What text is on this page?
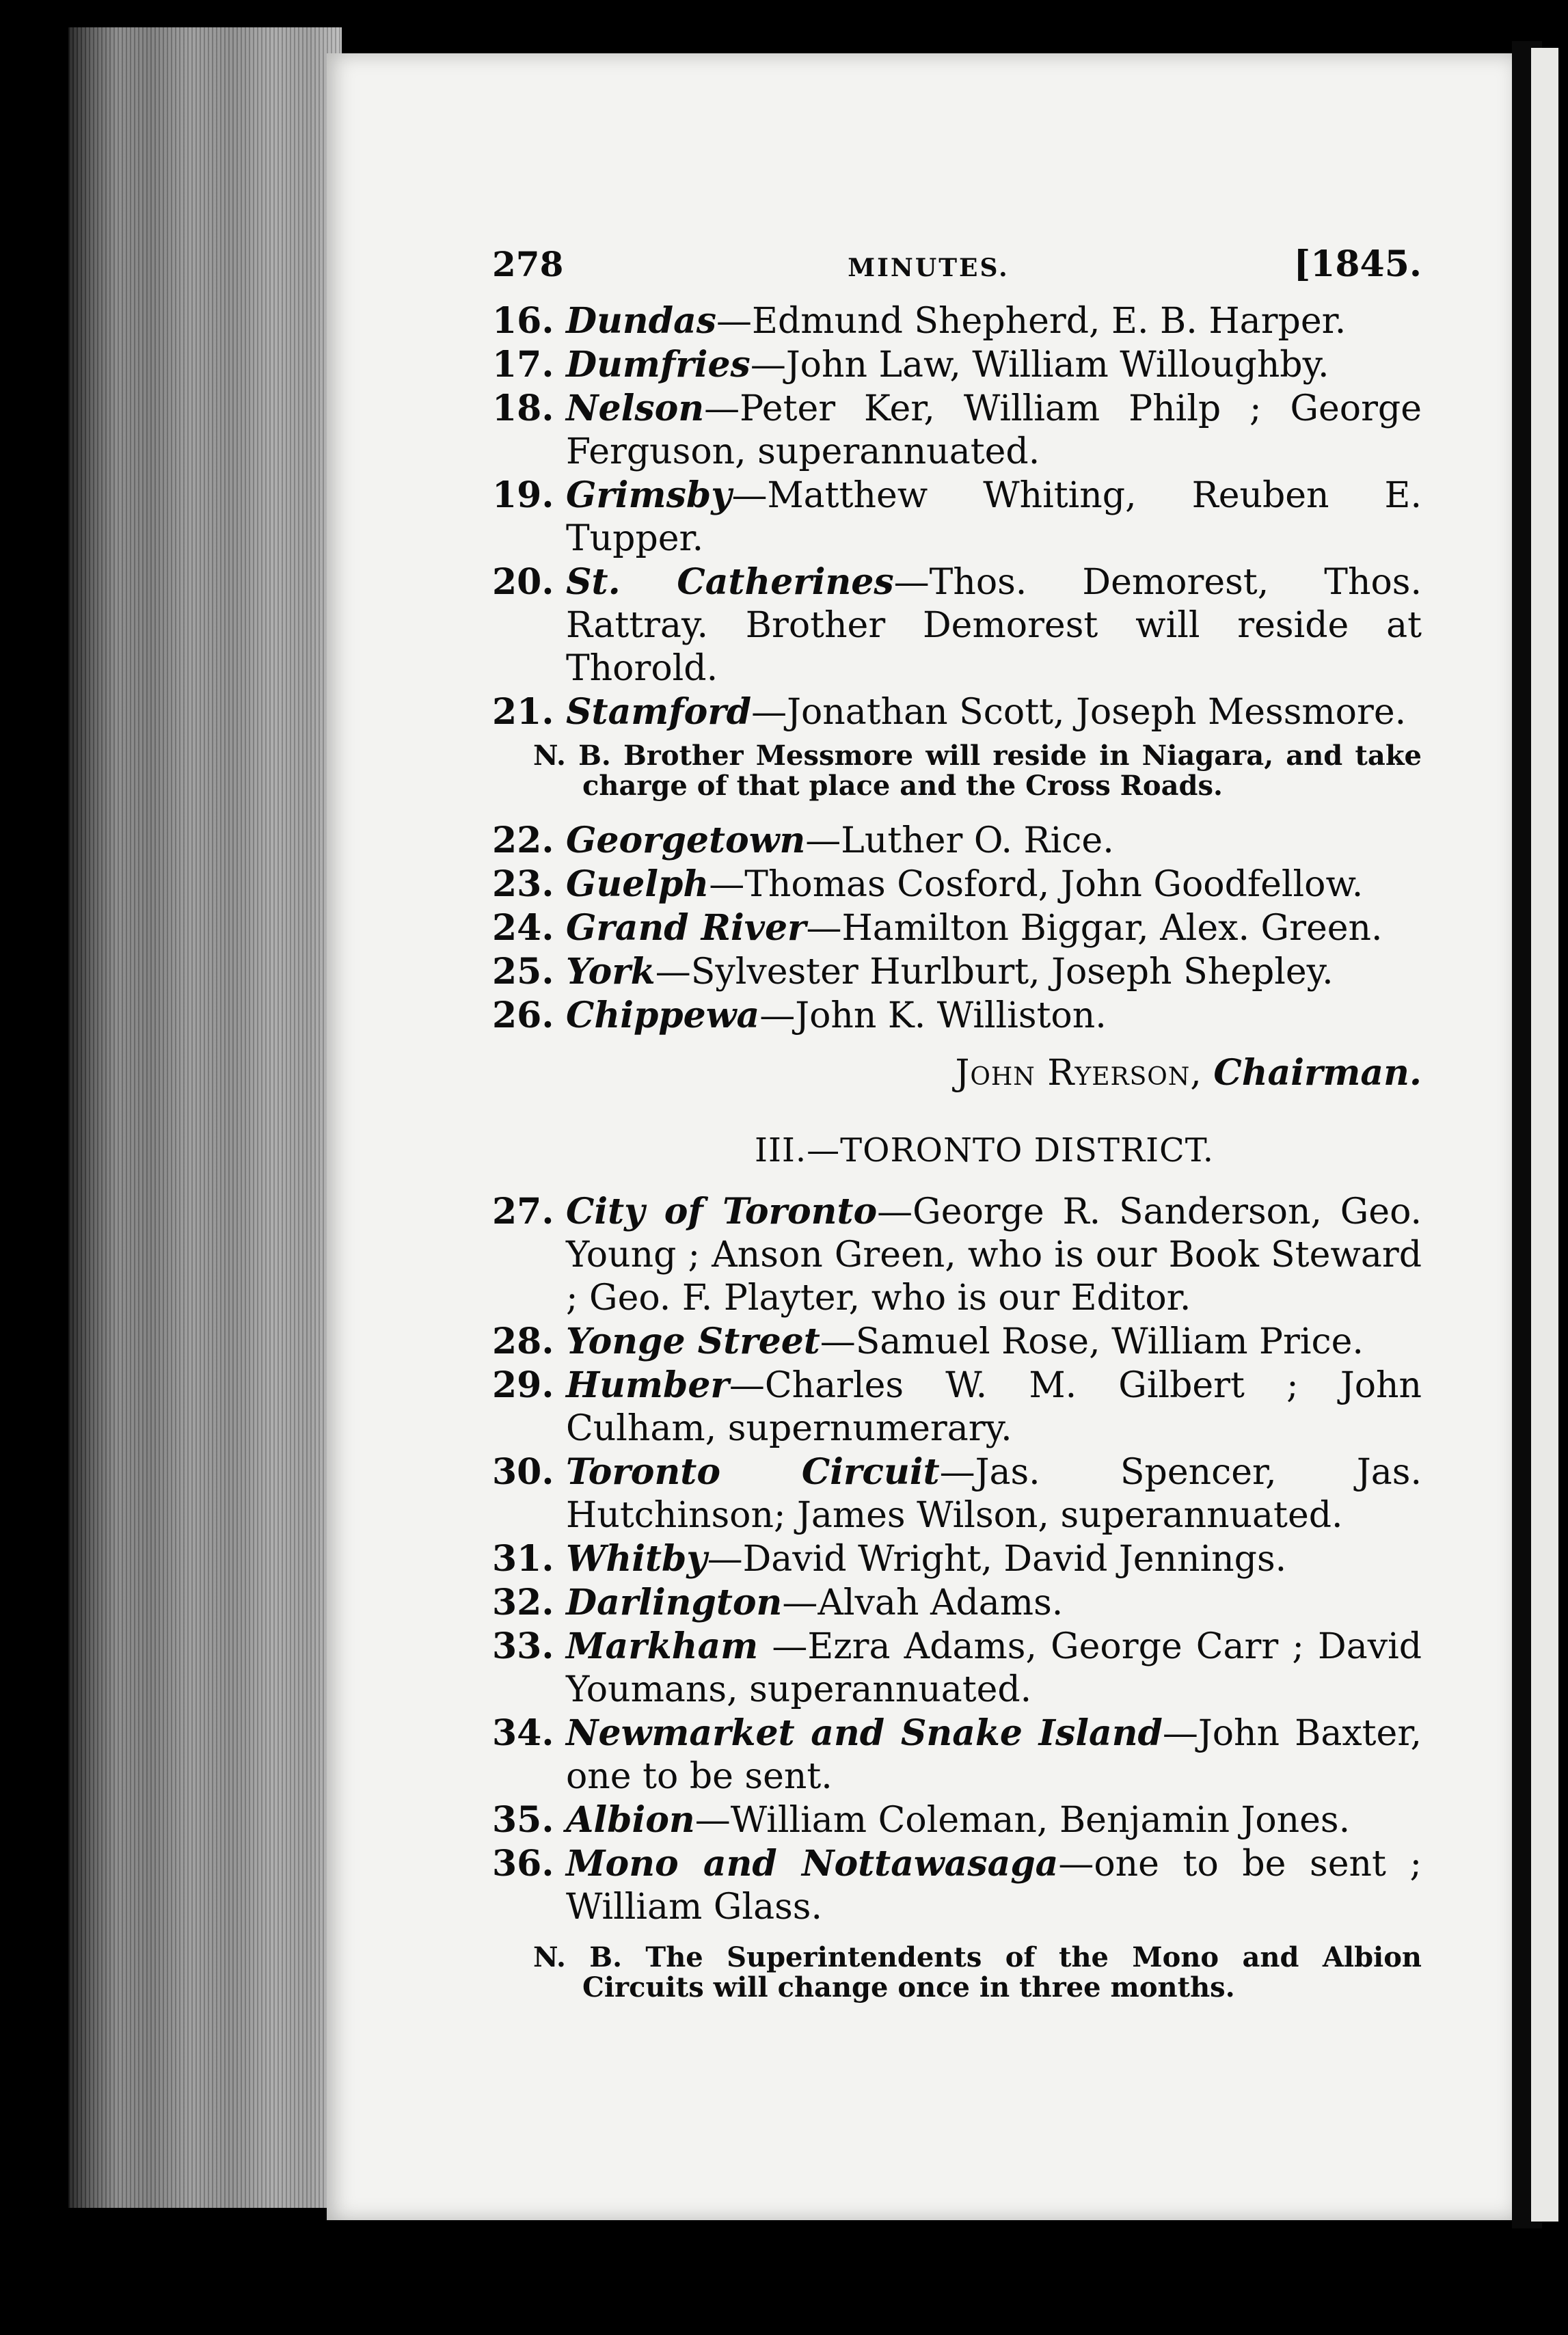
278	MINUTES.	[1845.
16. Dundas—Edmund Shepherd, E. B. Harper.
17. Dumfries—John Law, William Willoughby.
18. Nelson—Peter Ker, William Philp ; George Ferguson, superannuated.
19. Grimsby—Matthew Whiting, Reuben E. Tupper.
20. St. Catherines—Thos. Demorest, Thos. Rattray. Brother Demorest will reside at Thorold.
21. Stamford—Jonathan Scott, Joseph Messmore.
N. B. Brother Messmore will reside in Niagara, and take charge of that place and the Cross Roads.
22. Georgetown—Luther O. Rice.
23. Guelph—Thomas Cosford, John Goodfellow.
24. Grand River—Hamilton Biggar, Alex. Green.
25. York—Sylvester Hurlburt, Joseph Shepley.
26. Chippewa—John K. Williston.
John Ryerson, Chairman.
III.—TORONTO DISTRICT.
27. City of Toronto—George R. Sanderson, Geo. Young ; Anson Green, who is our Book Steward ; Geo. F. Playter, who is our Editor.
28. Yonge Street—Samuel Rose, William Price.
29. Humber—Charles W. M. Gilbert ; John Culham, supernumerary.
30. Toronto Circuit—Jas. Spencer, Jas. Hutchinson; James Wilson, superannuated.
31. Whitby—David Wright, David Jennings.
32. Darlington—Alvah Adams.
33. Markham —Ezra Adams, George Carr ; David Youmans, superannuated.
34. Newmarket and Snake Island—John Baxter, one to be sent.
35. Albion—William Coleman, Benjamin Jones.
36. Mono and Nottawasaga—one to be sent ; William Glass.
N. B. The Superintendents of the Mono and Albion Circuits will change once in three months.
